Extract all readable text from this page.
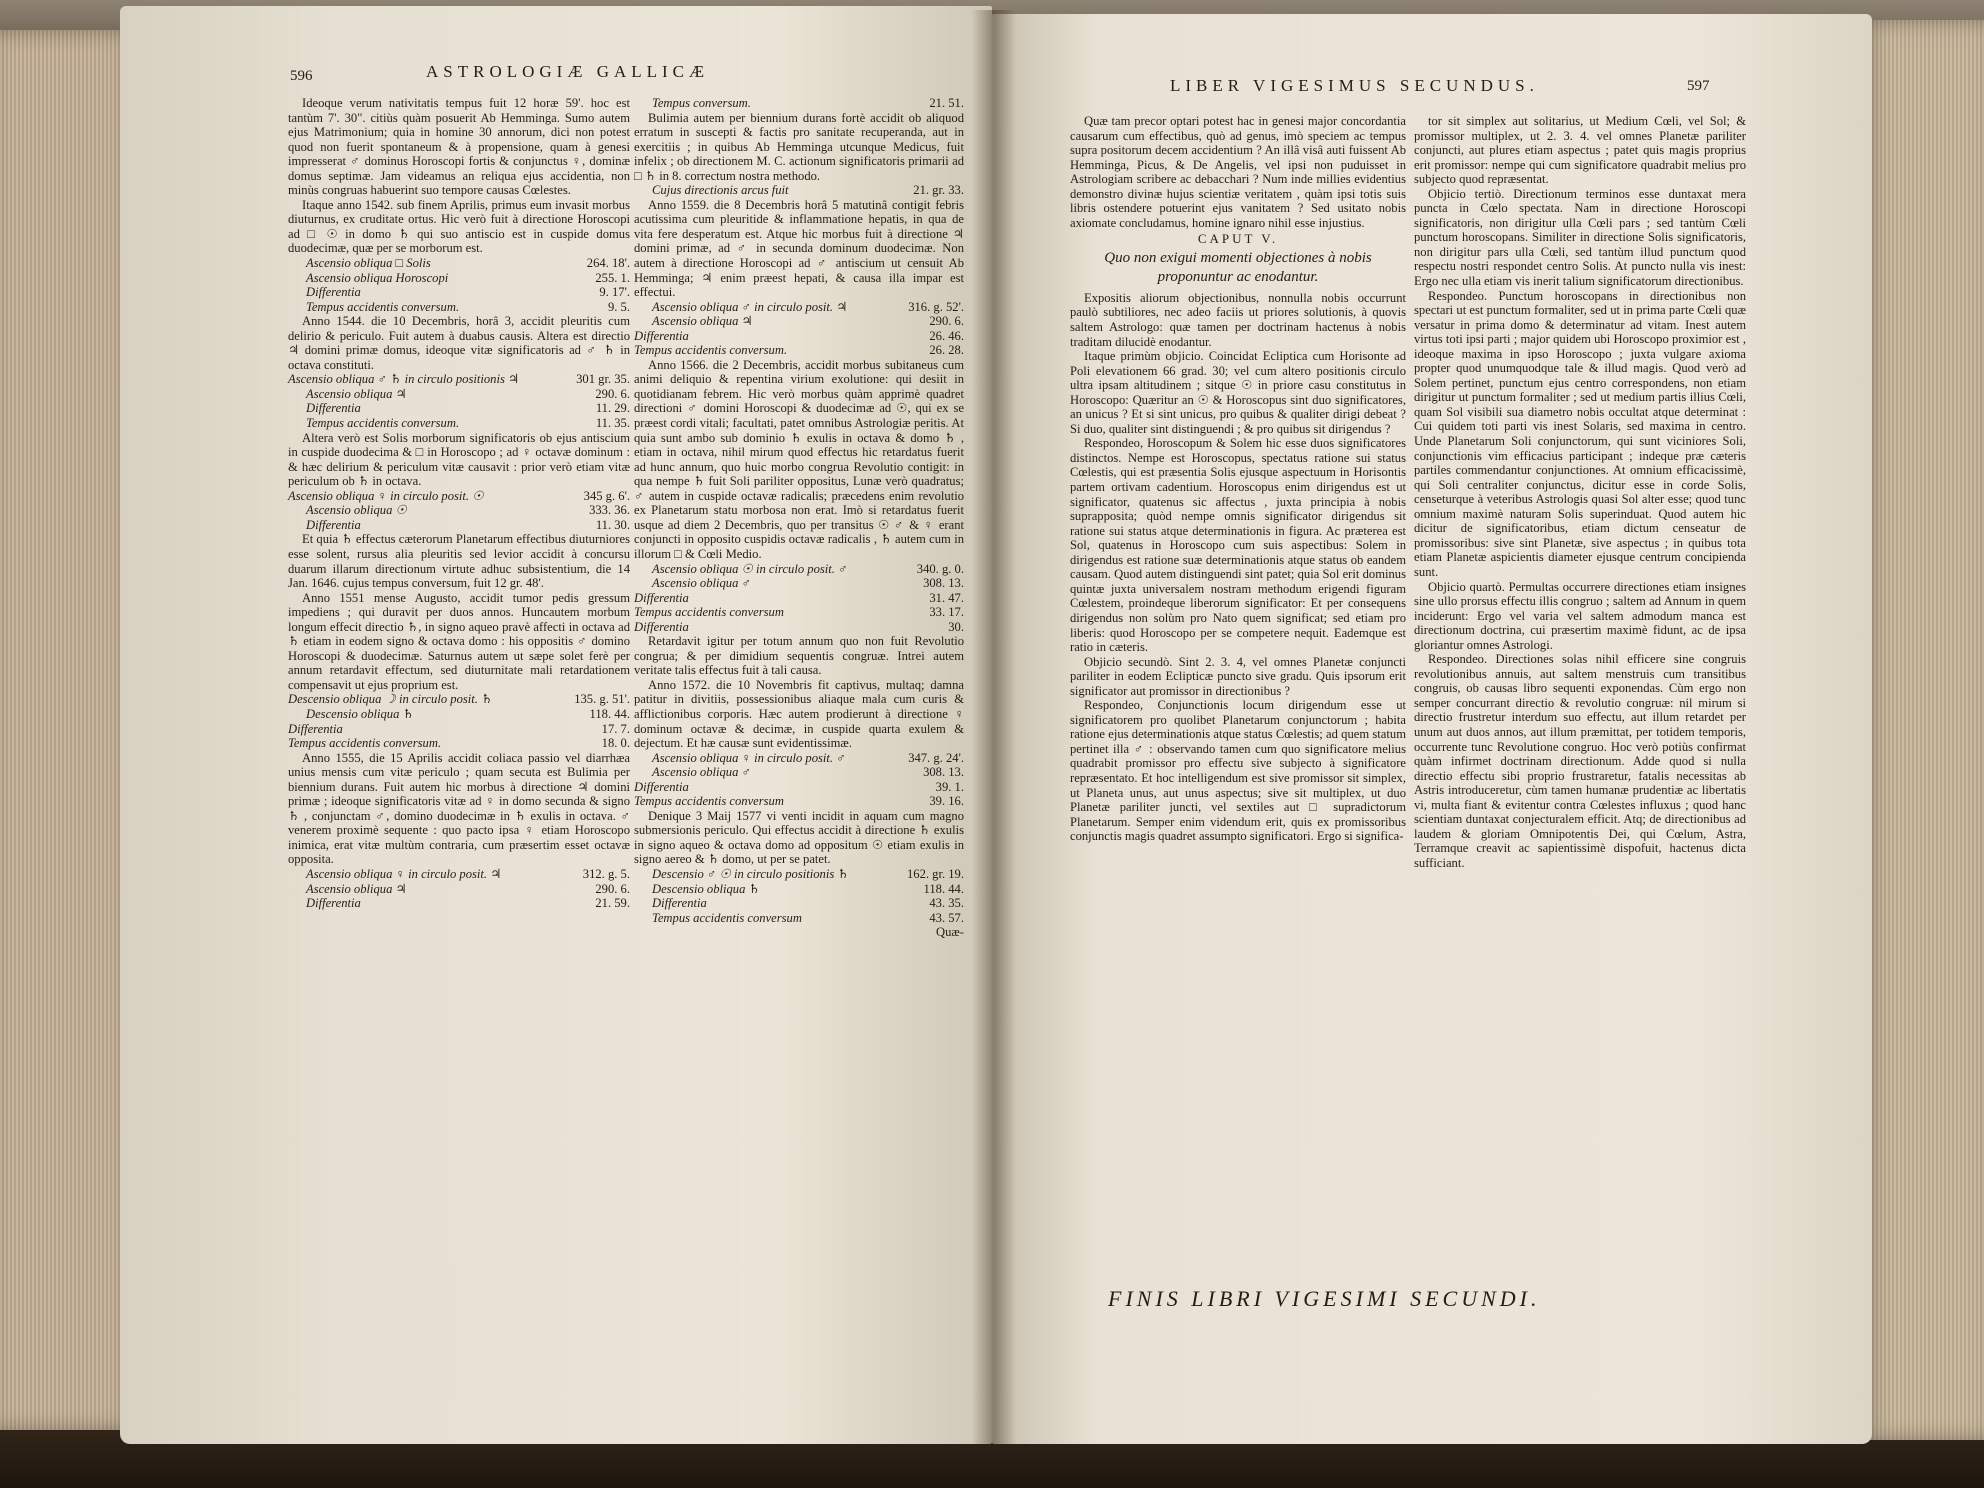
596	ASTROLOGIÆ GALLICÆ

Ideoque verum nativitatis tempus fuit 12 horæ 59'. hoc est tantùm 7'. 30". citiùs quàm posuerit Ab Hemminga. Sumo autem ejus Matrimonium; quia in homine 30 annorum, dici non potest quod non fuerit spontaneum & à propensione, quam à genesi impresserat ♂ dominus Horoscopi fortis & conjunctus ♀, dominæ domus septimæ. Jam videamus an reliqua ejus accidentia, non minùs congruas habuerint suo tempore causas Cœlestes.

Itaque anno 1542. sub finem Aprilis, primus eum invasit morbus diuturnus, ex cruditate ortus. Hic verò fuit à directione Horoscopi ad □ ☉ in domo ♄ qui suo antiscio est in cuspide domus duodecimæ, quæ per se morborum est.

Ascensio obliqua □ Solis	264. 18'.
Ascensio obliqua Horoscopi	255. 1.
Differentia	9. 17'.
Tempus accidentis conversum.	9. 5.

Anno 1544. die 10 Decembris, horâ 3, accidit pleuritis cum delirio & periculo. Fuit autem à duabus causis. Altera est directio ♃ domini primæ domus, ideoque vitæ significatoris ad ♂ ♄ in octava constituti.

Ascensio obliqua ♂ ♄ in circulo positionis ♃	301 gr. 35.
Ascensio obliqua ♃	290. 6.
Differentia	11. 29.
Tempus accidentis conversum.	11. 35.

Altera verò est Solis morborum significatoris ob ejus antiscium in cuspide duodecima & □ in Horoscopo ; ad ♀ octavæ dominum : & hæc delirium & periculum vitæ causavit : prior verò etiam vitæ periculum ob ♄ in octava.

Ascensio obliqua ♀ in circulo posit. ☉	345 g. 6'.
Ascensio obliqua ☉	333. 36.
Differentia	11. 30.

Et quia ♄ effectus cæterorum Planetarum effectibus diuturniores esse solent, rursus alia pleuritis sed levior accidit à concursu duarum illarum directionum virtute adhuc subsistentium, die 14 Jan. 1646. cujus tempus conversum, fuit 12 gr. 48'.

Anno 1551 mense Augusto, accidit tumor pedis gressum impediens ; qui duravit per duos annos. Huncautem morbum longum effecit directio ♄, in signo aqueo pravè affecti in octava ad ♄ etiam in eodem signo & octava domo : his oppositis ♂ domino Horoscopi & duodecimæ. Saturnus autem ut sæpe solet ferè per annum retardavit effectum, sed diuturnitate mali retardationem compensavit ut ejus proprium est.

Descensio obliqua ☽ in circulo posit. ♄	135. g. 51'.
Descensio obliqua ♄	118. 44.
Differentia	17. 7.
Tempus accidentis conversum.	18. 0.

Anno 1555, die 15 Aprilis accidit coliaca passio vel diarrhæa unius mensis cum vitæ periculo ; quam secuta est Bulimia per biennium durans. Fuit autem hic morbus à directione ♃ domini primæ ; ideoque significatoris vitæ ad ♀ in domo secunda & signo ♄ , conjunctam ♂, domino duodecimæ in ♄ exulis in octava. ♂ venerem proximè sequente : quo pacto ipsa ♀ etiam Horoscopo inimica, erat vitæ multùm contraria, cum præsertim esset octavæ opposita.

Ascensio obliqua ♀ in circulo posit. ♃	312. g. 5.
Ascensio obliqua ♃	290. 6.
Differentia	21. 59.
Tempus conversum.	21. 51.

Bulimia autem per biennium durans fortè accidit ob aliquod erratum in suscepti & factis pro sanitate recuperanda, aut in exercitiis ; in quibus Ab Hemminga utcunque Medicus, fuit infelix ; ob directionem M. C. actionum significatoris primarii ad □ ♄ in 8. correctum nostra methodo.

Cujus directionis arcus fuit	21. gr. 33.

Anno 1559. die 8 Decembris horâ 5 matutinâ contigit febris acutissima cum pleuritide & inflammatione hepatis, in qua de vita fere desperatum est. Atque hic morbus fuit à directione ♃ domini primæ, ad ♂ in secunda dominum duodecimæ. Non autem à directione Horoscopi ad ♂ antiscium ut censuit Ab Hemminga; ♃ enim præest hepati, & causa illa impar est effectui.

Ascensio obliqua ♂ in circulo posit. ♃	316. g. 52'.
Ascensio obliqua ♃	290. 6.
Differentia	26. 46.
Tempus accidentis conversum.	26. 28.

Anno 1566. die 2 Decembris, accidit morbus subitaneus cum animi deliquio & repentina virium exolutione: qui desiit in quotidianam febrem. Hic verò morbus quàm apprimè quadret directioni ♂ domini Horoscopi & duodecimæ ad ☉, qui ex se præest cordi vitali; facultati, patet omnibus Astrologiæ peritis. At quia sunt ambo sub dominio ♄ exulis in octava & domo ♄ , etiam in octava, nihil mirum quod effectus hic retardatus fuerit ad hunc annum, quo huic morbo congrua Revolutio contigit: in qua nempe ♄ fuit Soli pariliter oppositus, Lunæ verò quadratus; ♂ autem in cuspide octavæ radicalis; præcedens enim revolutio ex Planetarum statu morbosa non erat. Imò si retardatus fuerit usque ad diem 2 Decembris, quo per transitus ☉ ♂ & ♀ erant conjuncti in opposito cuspidis octavæ radicalis , ♄ autem cum in illorum □ & Cœli Medio.

Ascensio obliqua ☉ in circulo posit. ♂	340. g. 0.
Ascensio obliqua ♂	308. 13.
Differentia	31. 47.
Tempus accidentis conversum	33. 17.
Differentia	30.

Retardavit igitur per totum annum quo non fuit Revolutio congrua; & per dimidium sequentis congruæ. Intrei autem veritate talis effectus fuit à tali causa.

Anno 1572. die 10 Novembris fit captivus, multaq; damna patitur in divitiis, possessionibus aliaque mala cum curis & afflictionibus corporis. Hæc autem prodierunt à directione ♀ dominum octavæ & decimæ, in cuspide quarta exulem & dejectum. Et hæ causæ sunt evidentissimæ.

Ascensio obliqua ♀ in circulo posit. ♂	347. g. 24'.
Ascensio obliqua ♂	308. 13.
Differentia	39. 1.
Tempus accidentis conversum	39. 16.

Denique 3 Maij 1577 vi venti incidit in aquam cum magno submersionis periculo. Qui effectus accidit à directione ♄ exulis in signo aqueo & octava domo ad oppositum ☉ etiam exulis in signo aereo & ♄ domo, ut per se patet.

Descensio ♂ ☉ in circulo positionis ♄	162. gr. 19.
Descensio obliqua ♄	118. 44.
Differentia	43. 35.
Tempus accidentis conversum	43. 57.
Quæ-
LIBER VIGESIMUS SECUNDUS.	597

Quæ tam precor optari potest hac in genesi major concordantia causarum cum effectibus, quò ad genus, imò speciem ac tempus supra positorum decem accidentium ? An illâ visâ auti fuissent Ab Hemminga, Picus, & De Angelis, vel ipsi non puduisset in Astrologiam scribere ac debacchari ? Num inde millies evidentius demonstro divinæ hujus scientiæ veritatem , quàm ipsi totis suis libris ostendere potuerint ejus vanitatem ? Sed usitato nobis axiomate concludamus, homine ignaro nihil esse injustius.

CAPUT V.
Quo non exigui momenti objectiones à nobis proponuntur ac enodantur.

Expositis aliorum objectionibus, nonnulla nobis occurrunt paulò subtiliores, nec adeo faciis ut priores solutionis, à quovis saltem Astrologo: quæ tamen per doctrinam hactenus à nobis traditam dilucidè enodantur.

Itaque primùm objicio. Coincidat Ecliptica cum Horisonte ad Poli elevationem 66 grad. 30; vel cum altero positionis circulo ultra ipsam altitudinem ; sitque ☉ in priore casu constitutus in Horoscopo: Quæritur an ☉ & Horoscopus sint duo significatores, an unicus ? Et si sint unicus, pro quibus & qualiter dirigi debeat ? Si duo, qualiter sint distinguendi ; & pro quibus sit dirigendus ?

Respondeo, Horoscopum & Solem hic esse duos significatores distinctos. Nempe est Horoscopus, spectatus ratione sui status Cœlestis, qui est præsentia Solis ejusque aspectuum in Horisontis partem ortivam cadentium. Horoscopus enim dirigendus est ut significator, quatenus sic affectus , juxta principia à nobis suprapposita; quòd nempe omnis significator dirigendus sit ratione sui status atque determinationis in figura. Ac præterea est Sol, quatenus in Horoscopo cum suis aspectibus: Solem in dirigendus est ratione suæ determinationis atque status ob eandem causam. Quod autem distinguendi sint patet; quia Sol erit dominus quintæ juxta universalem nostram methodum erigendi figuram Cœlestem, proindeque liberorum significator: Et per consequens dirigendus non solùm pro Nato quem significat; sed etiam pro liberis: quod Horoscopo per se competere nequit. Eademque est ratio in cæteris.

Objicio secundò. Sint 2. 3. 4, vel omnes Planetæ conjuncti pariliter in eodem Eclipticæ puncto sive gradu. Quis ipsorum erit significator aut promissor in directionibus ?

Respondeo, Conjunctionis locum dirigendum esse ut significatorem pro quolibet Planetarum conjunctorum ; habita ratione ejus determinationis atque status Cœlestis; ad quem statum pertinet illa ♂ : observando tamen cum quo significatore melius quadrabit promissor pro effectu sive subjecto à significatore repræsentato. Et hoc intelligendum est sive promissor sit simplex, ut Planeta unus, aut unus aspectus; sive sit multiplex, ut duo Planetæ pariliter juncti, vel sextiles aut □ supradictorum Planetarum. Semper enim videndum erit, quis ex promissoribus conjunctis magis quadret assumpto significatori. Ergo si significa-

tor sit simplex aut solitarius, ut Medium Cœli, vel Sol; & promissor multiplex, ut 2. 3. 4. vel omnes Planetæ pariliter conjuncti, aut plures etiam aspectus ; patet quis magis proprius erit promissor: nempe qui cum significatore quadrabit melius pro subjecto quod repræsentat.

Objicio tertiò. Directionum terminos esse duntaxat mera puncta in Cœlo spectata. Nam in directione Horoscopi significatoris, non dirigitur ulla Cœli pars ; sed tantùm Cœli punctum horoscopans. Similiter in directione Solis significatoris, non dirigitur pars ulla Cœli, sed tantùm illud punctum quod respectu nostri respondet centro Solis. At puncto nulla vis inest: Ergo nec ulla etiam vis inerit talium significatorum directionibus.

Respondeo. Punctum horoscopans in directionibus non spectari ut est punctum formaliter, sed ut in prima parte Cœli quæ versatur in prima domo & determinatur ad vitam. Inest autem virtus toti ipsi parti ; major quidem ubi Horoscopo proximior est , ideoque maxima in ipso Horoscopo ; juxta vulgare axioma propter quod unumquodque tale & illud magis. Quod verò ad Solem pertinet, punctum ejus centro correspondens, non etiam dirigitur ut punctum formaliter ; sed ut medium partis illius Cœli, quam Sol visibili sua diametro nobis occultat atque determinat : Cui quidem toti parti vis inest Solaris, sed maxima in centro. Unde Planetarum Soli conjunctorum, qui sunt viciniores Soli, conjunctionis vim efficacius participant ; indeque præ cæteris partiles commendantur conjunctiones. At omnium efficacissimè, qui Soli centraliter conjunctus, dicitur esse in corde Solis, censeturque à veteribus Astrologis quasi Sol alter esse; quod tunc omnium maximè naturam Solis superinduat. Quod autem hic dicitur de significatoribus, etiam dictum censeatur de promissoribus: sive sint Planetæ, sive aspectus ; in quibus tota etiam Planetæ aspicientis diameter ejusque centrum concipienda sunt.

Objicio quartò. Permultas occurrere directiones etiam insignes sine ullo prorsus effectu illis congruo ; saltem ad Annum in quem inciderunt: Ergo vel varia vel saltem admodum manca est directionum doctrina, cui præsertim maximè fidunt, ac de ipsa gloriantur omnes Astrologi.

Respondeo. Directiones solas nihil efficere sine congruis revolutionibus annuis, aut saltem menstruis cum transitibus congruis, ob causas libro sequenti exponendas. Cùm ergo non semper concurrant directio & revolutio congruæ: nil mirum si directio frustretur interdum suo effectu, aut illum retardet per unum aut duos annos, aut illum præmittat, per totidem temporis, occurrente tunc Revolutione congruo. Hoc verò potiùs confirmat quàm infirmet doctrinam directionum. Adde quod si nulla directio effectu sibi proprio frustraretur, fatalis necessitas ab Astris introduceretur, cùm tamen humanæ prudentiæ ac libertatis vi, multa fiant & evitentur contra Cœlestes influxus ; quod hanc scientiam duntaxat conjecturalem efficit. Atq; de directionibus ad laudem & gloriam Omnipotentis Dei, qui Cœlum, Astra, Terramque creavit ac sapientissimè dispofuit, hactenus dicta sufficiant.

FINIS LIBRI VIGESIMI SECUNDI.
